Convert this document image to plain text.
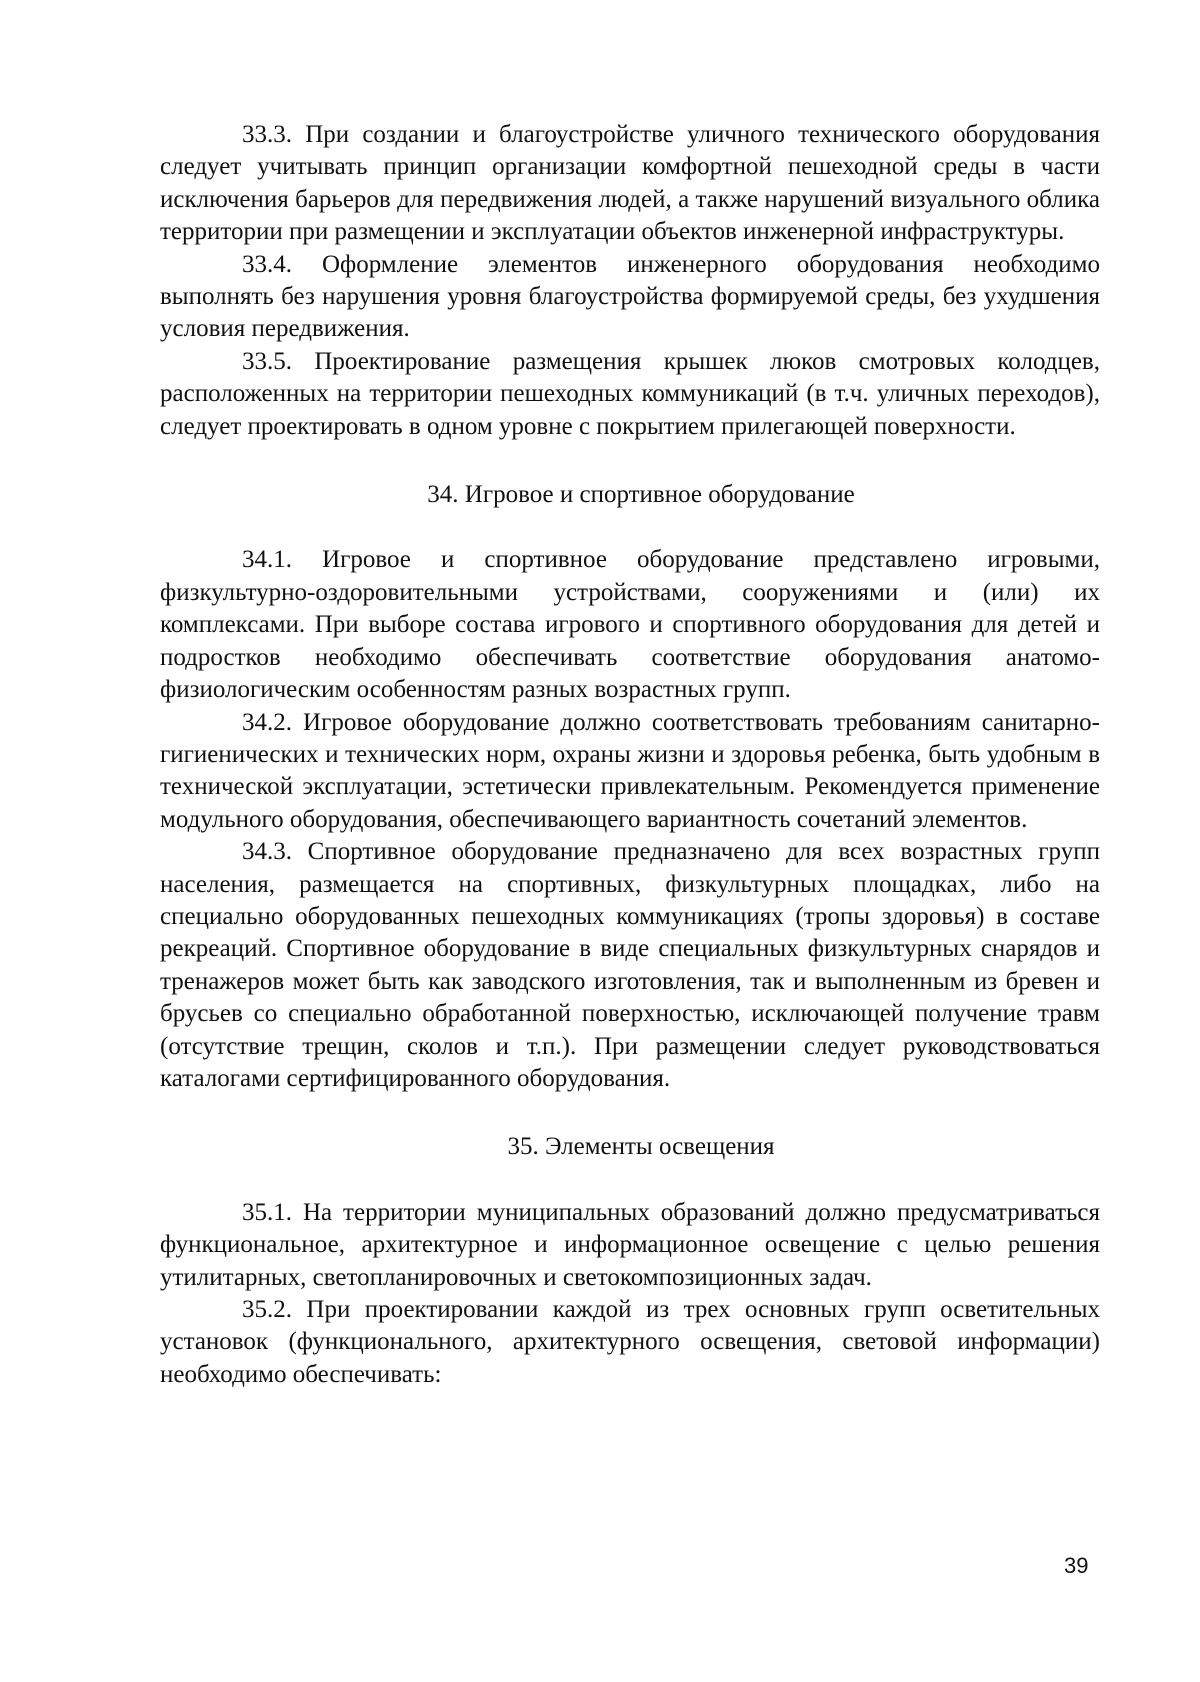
33.3. При создании и благоустройстве уличного технического оборудования следует учитывать принцип организации комфортной пешеходной среды в части исключения барьеров для передвижения людей, а также нарушений визуального облика территории при размещении и эксплуатации объектов инженерной инфраструктуры.

33.4. Оформление элементов инженерного оборудования необходимо выполнять без нарушения уровня благоустройства формируемой среды, без ухудшения условия передвижения.

33.5. Проектирование размещения крышек люков смотровых колодцев, расположенных на территории пешеходных коммуникаций (в т.ч. уличных переходов), следует проектировать в одном уровне с покрытием прилегающей поверхности.

34. Игровое и спортивное оборудование

34.1. Игровое и спортивное оборудование представлено игровыми, физкультурно-оздоровительными устройствами, сооружениями и (или) их комплексами. При выборе состава игрового и спортивного оборудования для детей и подростков необходимо обеспечивать соответствие оборудования анатомо-физиологическим особенностям разных возрастных групп.

34.2. Игровое оборудование должно соответствовать требованиям санитарно-гигиенических и технических норм, охраны жизни и здоровья ребенка, быть удобным в технической эксплуатации, эстетически привлекательным. Рекомендуется применение модульного оборудования, обеспечивающего вариантность сочетаний элементов.

34.3. Спортивное оборудование предназначено для всех возрастных групп населения, размещается на спортивных, физкультурных площадках, либо на специально оборудованных пешеходных коммуникациях (тропы здоровья) в составе рекреаций. Спортивное оборудование в виде специальных физкультурных снарядов и тренажеров может быть как заводского изготовления, так и выполненным из бревен и брусьев со специально обработанной поверхностью, исключающей получение травм (отсутствие трещин, сколов и т.п.). При размещении следует руководствоваться каталогами сертифицированного оборудования.

35. Элементы освещения

35.1. На территории муниципальных образований должно предусматриваться функциональное, архитектурное и информационное освещение с целью решения утилитарных, светопланировочных и светокомпозиционных задач.

35.2. При проектировании каждой из трех основных групп осветительных установок (функционального, архитектурного освещения, световой информации) необходимо обеспечивать:

39
